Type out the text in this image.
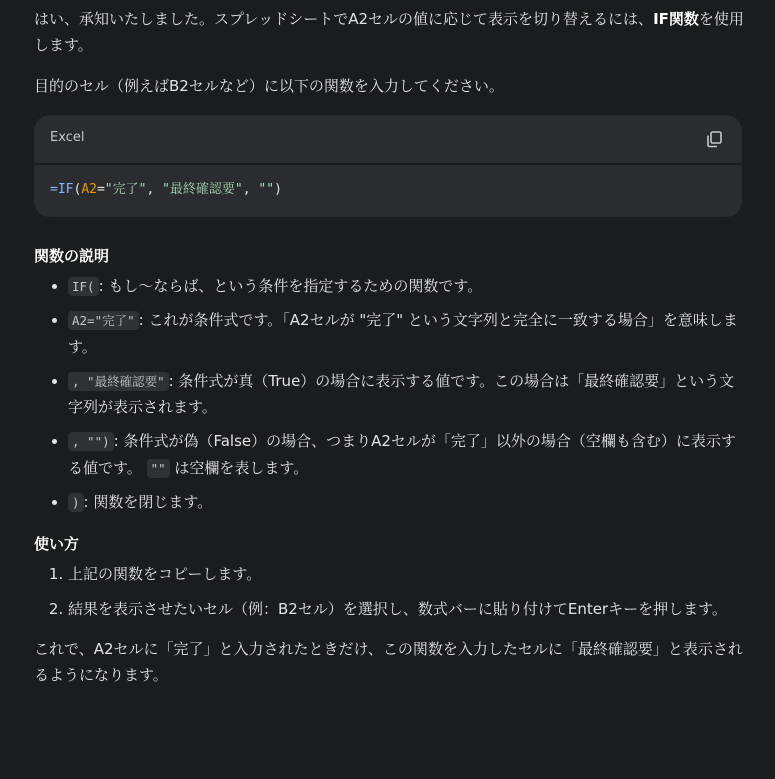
はい、承知いたしました。スプレッドシートでA2セルの値に応じて表示を切り替えるには、IF関数を使用します。

目的のセル（例えばB2セルなど）に以下の関数を入力してください。

Excel
= IF ( A2 = "完了" , "最終確認要" , "" )
関数の説明
• IF( : もし〜ならば、という条件を指定するための関数です。
• A2="完了" : これが条件式です。「A2セルが "完了" という文字列と完全に一致する場合」を意味します。
• , "最終確認要" : 条件式が真（True）の場合に表示する値です。この場合は「最終確認要」という文字列が表示されます。
• , "") : 条件式が偽（False）の場合、つまりA2セルが「完了」以外の場合（空欄も含む）に表示する値です。 "" は空欄を表します。
• ) : 関数を閉じます。
使い方
1. 上記の関数をコピーします。
2. 結果を表示させたいセル（例：B2セル）を選択し、数式バーに貼り付けてEnterキーを押します。

これで、A2セルに「完了」と入力されたときだけ、この関数を入力したセルに「最終確認要」と表示されるようになります。
